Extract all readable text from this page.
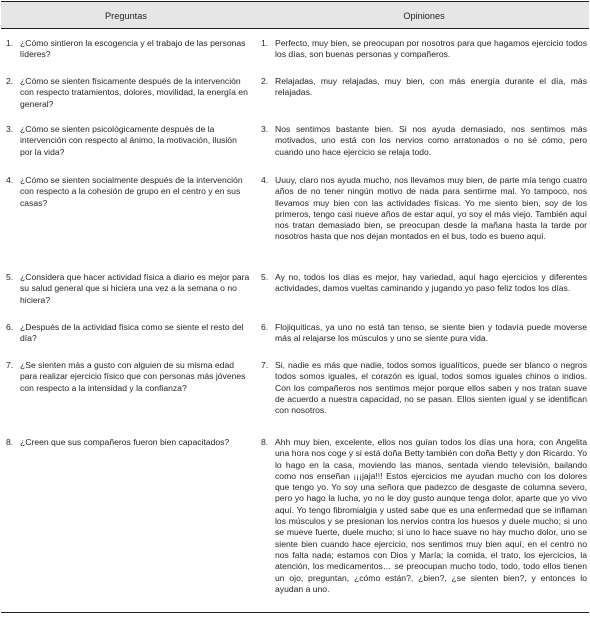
Preguntas	Opiniones
1. ¿Cómo sintieron la escogencia y el trabajo de las personas líderes?
1. Perfecto, muy bien, se preocupan por nosotros para que hagamos ejercicio todos los días, son buenas personas y compañeros.
2. ¿Cómo se sienten físicamente después de la intervención con respecto tratamientos, dolores, movilidad, la energía en general?
2. Relajadas, muy relajadas, muy bien, con más energía durante el día, más relajadas.
3. ¿Cómo se sienten psicológicamente después de la intervención con respecto al ánimo, la motivación, ilusión por la vida?
3. Nos sentimos bastante bien. Si nos ayuda demasiado, nos sentimos más motivados, uno está con los nervios como arratonados o no sé cómo, pero cuando uno hace ejercicio se relaja todo.
4. ¿Cómo se sienten socialmente después de la intervención con respecto a la cohesión de grupo en el centro y en sus casas?
4. Uuuy, claro nos ayuda mucho, nos llevamos muy bien, de parte mía tengo cuatro años de no tener ningún motivo de nada para sentirme mal. Yo tampoco, nos llevamos muy bien con las actividades físicas. Yo me siento bien, soy de los primeros, tengo casi nueve años de estar aquí, yo soy el más viejo. También aquí nos tratan demasiado bien, se preocupan desde la mañana hasta la tarde por nosotros hasta que nos dejan montados en el bus, todo es bueno aquí.
5. ¿Considera que hacer actividad física a diario es mejor para su salud general que si hiciera una vez a la semana o no hiciera?
5. Ay no, todos los días es mejor, hay variedad, aquí hago ejercicios y diferentes actividades, damos vueltas caminando y jugando yo paso feliz todos los días.
6. ¿Después de la actividad física como se siente el resto del día?
6. Flojiquiticas, ya uno no está tan tenso, se siente bien y todavía puede moverse más al relajarse los músculos y uno se siente pura vida.
7. ¿Se sienten más a gusto con alguien de su misma edad para realizar ejercicio físico que con personas más jóvenes con respecto a la intensidad y la confianza?
7. Si, nadie es más que nadie, todos somos igualíticos, puede ser blanco o negros todos somos iguales, el corazón es igual, todos somos iguales chinos o indios. Con los compañeros nos sentimos mejor porque ellos saben y nos tratan suave de acuerdo a nuestra capacidad, no se pasan. Ellos sienten igual y se identifican con nosotros.
8. ¿Creen que sus compañeros fueron bien capacitados?	8. Ahh muy bien, excelente, ellos nos guían todos los días una hora, con Angelita una hora nos coge y si está doña Betty también con doña Betty y don Ricardo. Yo lo hago en la casa, moviendo las manos, sentada viendo televisión, bailando como nos enseñan ¡¡¡jaja!!! Estos ejercicios me ayudan mucho con los dolores que tengo yo. Yo soy una señora que padezco de desgaste de columna severo, pero yo hago la lucha, yo no le doy gusto aunque tenga dolor, aparte que yo vivo aquí. Yo tengo fibromialgia y usted sabe que es una enfermedad que se inflaman los músculos y se presionan los nervios contra los huesos y duele mucho; si uno se mueve fuerte, duele mucho; si uno lo hace suave no hay mucho dolor, uno se siente bien cuando hace ejercicio, nos sentimos muy bien aquí, en el centro no nos falta nada; estamos con Dios y María; la comida, el trato, los ejercicios, la atención, los medicamentos… se preocupan mucho todo, todo, todo ellos tienen un ojo, preguntan, ¿cómo están?, ¿bien?, ¿se sienten bien?, y entonces lo ayudan a uno.
